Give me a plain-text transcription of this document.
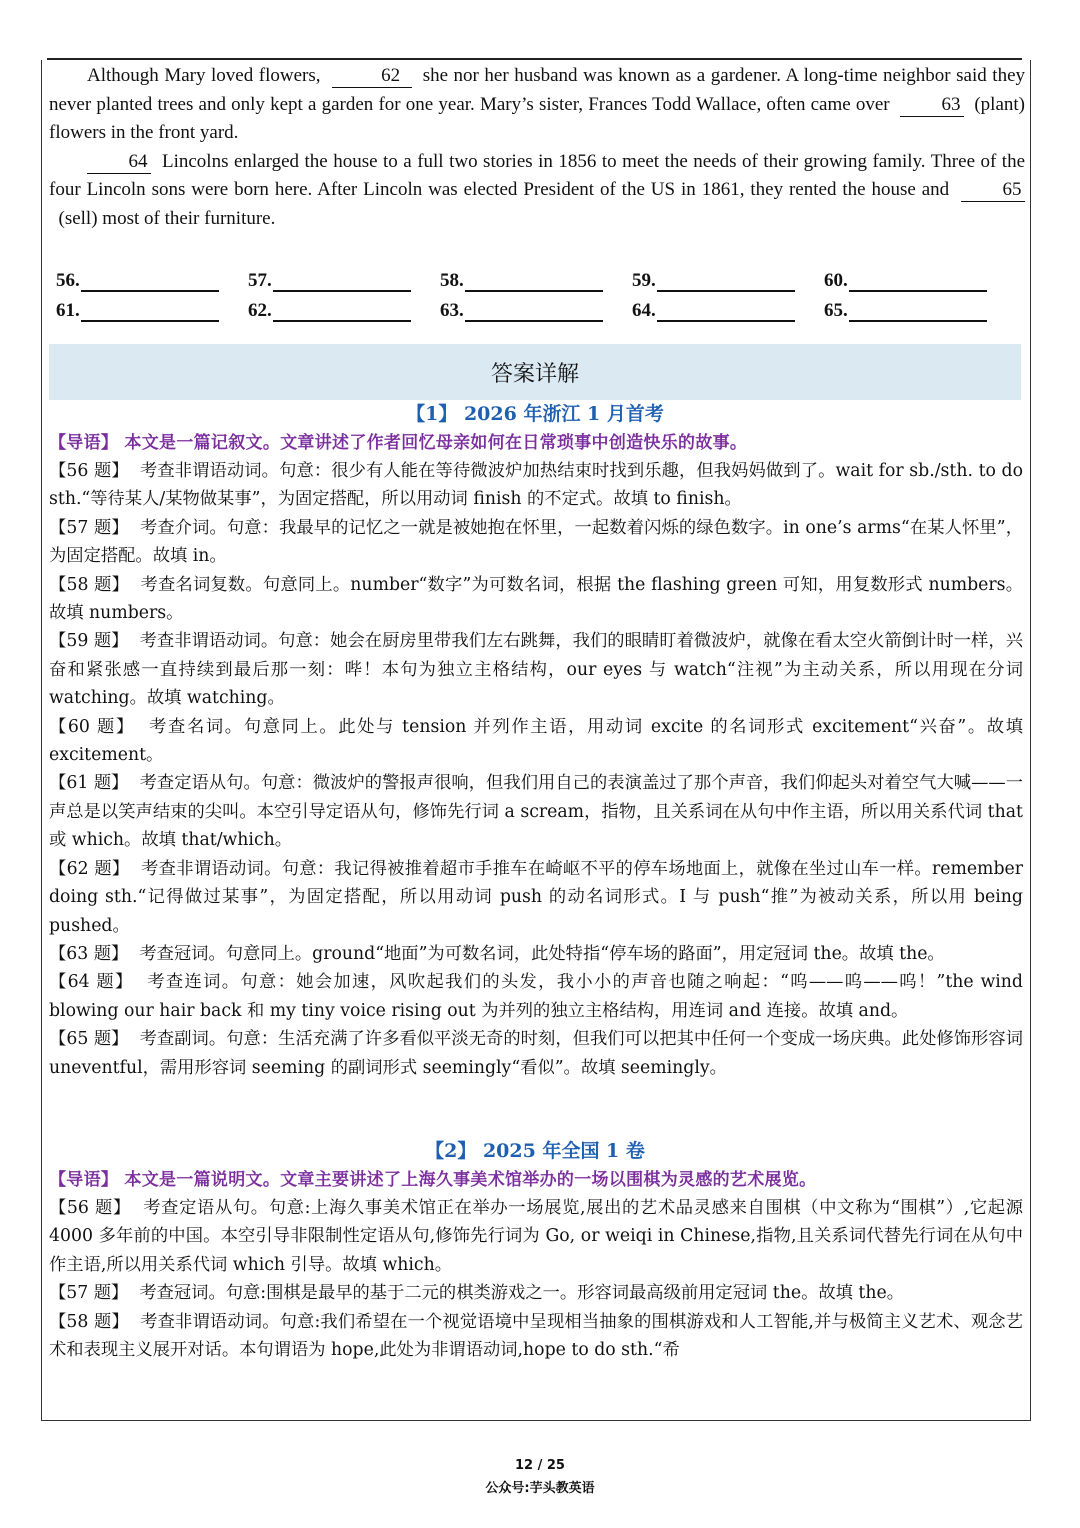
Although Mary loved flowers,	62 she nor her husband was known as a gardener. A long-time neighbor said they never planted trees and only kept a garden for one year. Mary’s sister, Frances Todd Wallace, often came over	63 (plant) flowers in the front yard.

64 Lincolns enlarged the house to a full two stories in 1856 to meet the needs of their growing family. Three of the four Lincoln sons were born here. After Lincoln was elected President of the US in 1861, they rented the house and	65  (sell) most of their furniture.

56.	57.	58.	59.	60.
61.	62.	63.	64.	65.
答案详解
【1】 2026 年浙江 1 月首考
【导语】 本文是一篇记叙文。文章讲述了作者回忆母亲如何在日常琐事中创造快乐的故事。

【56 题】 考查非谓语动词。句意：很少有人能在等待微波炉加热结束时找到乐趣，但我妈妈做到了。wait for sb./sth. to do sth.“等待某人/某物做某事”，为固定搭配，所以用动词 finish 的不定式。故填 to finish。

【57 题】 考查介词。句意：我最早的记忆之一就是被她抱在怀里，一起数着闪烁的绿色数字。in one’s arms“在某人怀里”，为固定搭配。故填 in。

【58 题】 考查名词复数。句意同上。number“数字”为可数名词，根据 the flashing green 可知，用复数形式 numbers。故填 numbers。

【59 题】 考查非谓语动词。句意：她会在厨房里带我们左右跳舞，我们的眼睛盯着微波炉，就像在看太空火箭倒计时一样，兴奋和紧张感一直持续到最后那一刻：哔！本句为独立主格结构，our eyes 与 watch“注视”为主动关系，所以用现在分词 watching。故填 watching。

【60 题】 考查名词。句意同上。此处与 tension 并列作主语，用动词 excite 的名词形式 excitement“兴奋”。故填 excitement。

【61 题】 考查定语从句。句意：微波炉的警报声很响，但我们用自己的表演盖过了那个声音，我们仰起头对着空气大喊——一声总是以笑声结束的尖叫。本空引导定语从句，修饰先行词 a scream，指物，且关系词在从句中作主语，所以用关系代词 that 或 which。故填 that/which。

【62 题】 考查非谓语动词。句意：我记得被推着超市手推车在崎岖不平的停车场地面上，就像在坐过山车一样。remember doing sth.“记得做过某事”，为固定搭配，所以用动词 push 的动名词形式。I 与 push“推”为被动关系，所以用 being pushed。

【63 题】 考查冠词。句意同上。ground“地面”为可数名词，此处特指“停车场的路面”，用定冠词 the。故填 the。

【64 题】 考查连词。句意：她会加速，风吹起我们的头发，我小小的声音也随之响起：“呜——呜——呜！”the wind blowing our hair back 和 my tiny voice rising out 为并列的独立主格结构，用连词 and 连接。故填 and。

【65 题】 考查副词。句意：生活充满了许多看似平淡无奇的时刻，但我们可以把其中任何一个变成一场庆典。此处修饰形容词 uneventful，需用形容词 seeming 的副词形式 seemingly“看似”。故填 seemingly。

【2】 2025 年全国 1 卷
【导语】 本文是一篇说明文。文章主要讲述了上海久事美术馆举办的一场以围棋为灵感的艺术展览。

【56 题】 考查定语从句。句意:上海久事美术馆正在举办一场展览,展出的艺术品灵感来自围棋（中文称为“围棋”）,它起源 4000 多年前的中国。本空引导非限制性定语从句,修饰先行词为 Go, or weiqi in Chinese,指物,且关系词代替先行词在从句中作主语,所以用关系代词 which 引导。故填 which。

【57 题】 考查冠词。句意:围棋是最早的基于二元的棋类游戏之一。形容词最高级前用定冠词 the。故填 the。

【58 题】 考查非谓语动词。句意:我们希望在一个视觉语境中呈现相当抽象的围棋游戏和人工智能,并与极简主义艺术、观念艺术和表现主义展开对话。本句谓语为 hope,此处为非谓语动词,hope to do sth.“希

12 / 25
公众号:芋头教英语
